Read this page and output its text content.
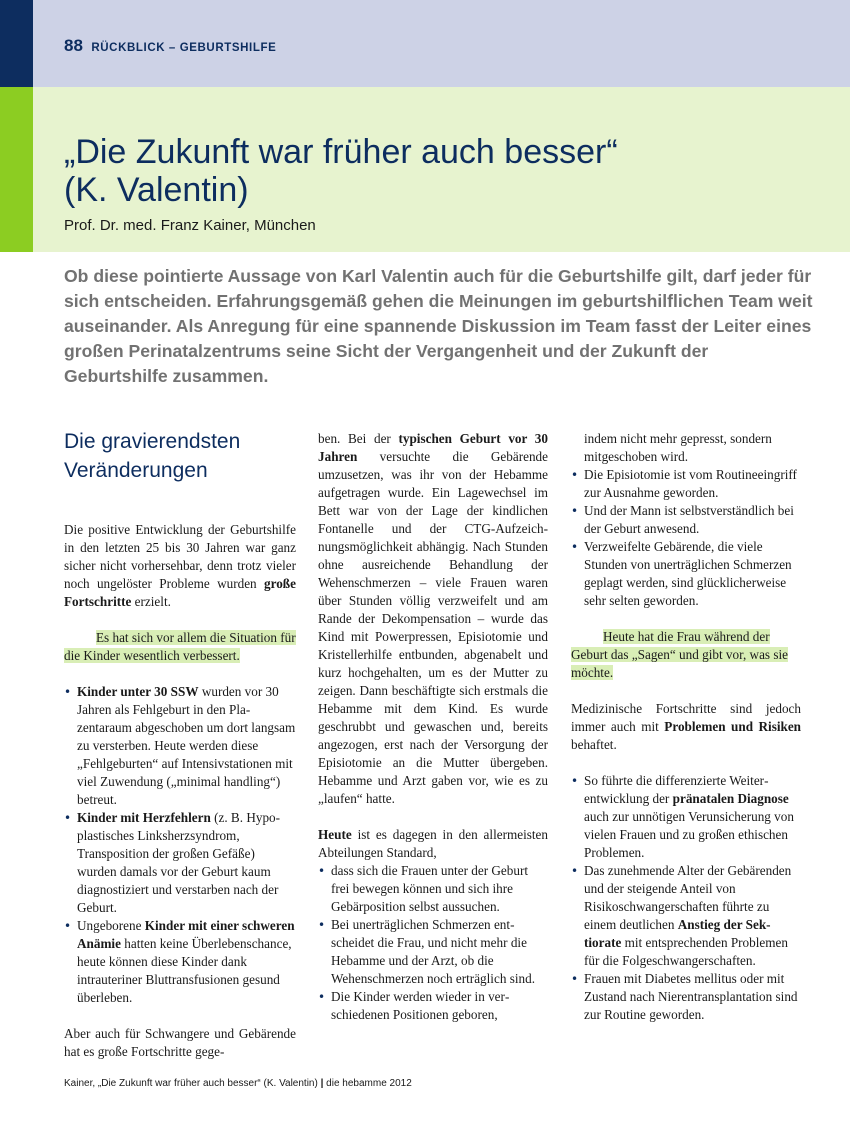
88 RÜCKBLICK – GEBURTSHILFE
„Die Zukunft war früher auch besser“
(K. Valentin)
Prof. Dr. med. Franz Kainer, München

Ob diese pointierte Aussage von Karl Valentin auch für die Geburtshilfe gilt, darf jeder für sich entscheiden. Erfahrungsgemäß gehen die Meinungen im geburtshilflichen Team weit auseinander. Als Anregung für eine spannende Diskussion im Team fasst der Leiter eines großen Perinatalzentrums seine Sicht der Vergangenheit und der Zukunft der Geburtshilfe zusammen.

Die gravierendsten
Veränderungen

Die positive Entwicklung der Geburtshilfe in den letzten 25 bis 30 Jahren war ganz sicher nicht vorhersehbar, denn trotz vieler noch ungelöster Probleme wurden große Fortschritte erzielt.

Es hat sich vor allem die Situation für die Kinder wesentlich verbessert.

• Kinder unter 30 SSW wurden vor 30 Jahren als Fehlgeburt in den Plazentaraum abgeschoben um dort langsam zu versterben. Heute werden diese „Fehlgeburten“ auf Intensivstationen mit viel Zuwendung („minimal handling“) betreut.
• Kinder mit Herzfehlern (z. B. Hypoplastisches Linksherzsyndrom, Transposition der großen Gefäße) wurden damals vor der Geburt kaum diagnostiziert und verstarben nach der Geburt.
• Ungeborene Kinder mit einer schweren Anämie hatten keine Überlebenschance, heute können diese Kinder dank intrauteriner Bluttransfusionen gesund überleben.

Aber auch für Schwangere und Gebärende hat es große Fortschritte gege-

ben. Bei der typischen Geburt vor 30 Jahren versuchte die Gebärende umzusetzen, was ihr von der Hebamme aufgetragen wurde. Ein Lagewechsel im Bett war von der Lage der kindlichen Fontanelle und der CTG-Aufzeichnungsmöglichkeit abhängig. Nach Stunden ohne ausreichende Behandlung der Wehenschmerzen – viele Frauen waren über Stunden völlig verzweifelt und am Rande der Dekompensation – wurde das Kind mit Powerpressen, Episiotomie und Kristellerhilfe entbunden, abgenabelt und kurz hochgehalten, um es der Mutter zu zeigen. Dann beschäftigte sich erstmals die Hebamme mit dem Kind. Es wurde geschrubbt und gewaschen und, bereits angezogen, erst nach der Versorgung der Episiotomie an die Mutter übergeben. Hebamme und Arzt gaben vor, wie es zu „laufen“ hatte.

Heute ist es dagegen in den allermeisten Abteilungen Standard,

• dass sich die Frauen unter der Geburt frei bewegen können und sich ihre Gebärposition selbst aussuchen.
• Bei unerträglichen Schmerzen entscheidet die Frau, und nicht mehr die Hebamme und der Arzt, ob die Wehenschmerzen noch erträglich sind.
• Die Kinder werden wieder in verschiedenen Positionen geboren,

indem nicht mehr gepresst, sondern mitgeschoben wird.

• Die Episiotomie ist vom Routineeingriff zur Ausnahme geworden.
• Und der Mann ist selbstverständlich bei der Geburt anwesend.
• Verzweifelte Gebärende, die viele Stunden von unerträglichen Schmerzen geplagt werden, sind glücklicherweise sehr selten geworden.

Heute hat die Frau während der Geburt das „Sagen“ und gibt vor, was sie möchte.

Medizinische Fortschritte sind jedoch immer auch mit Problemen und Risiken behaftet.

• So führte die differenzierte Weiterentwicklung der pränatalen Diagnose auch zur unnötigen Verunsicherung von vielen Frauen und zu großen ethischen Problemen.
• Das zunehmende Alter der Gebärenden und der steigende Anteil von Risikoschwangerschaften führte zu einem deutlichen Anstieg der Sektiorate mit entsprechenden Problemen für die Folgeschwangerschaften.
• Frauen mit Diabetes mellitus oder mit Zustand nach Nierentransplantation sind zur Routine geworden.
Kainer, „Die Zukunft war früher auch besser“ (K. Valentin) | die hebamme 2012
